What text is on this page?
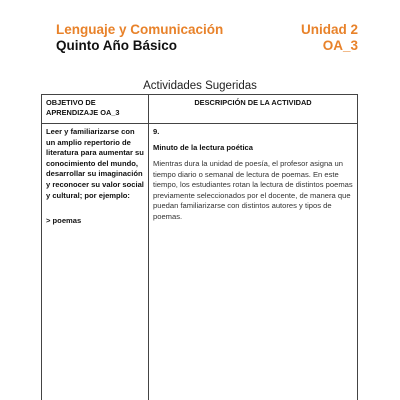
Lenguaje y Comunicación
Quinto Año Básico
Unidad 2
OA_3
Actividades Sugeridas
OBJETIVO DE APRENDIZAJE OA_3
DESCRIPCIÓN DE LA ACTIVIDAD
Leer y familiarizarse con un amplio repertorio de literatura para aumentar su conocimiento del mundo, desarrollar su imaginación y reconocer su valor social y cultural; por ejemplo:
> poemas
9.
Minuto de la lectura poética
Mientras dura la unidad de poesía, el profesor asigna un tiempo diario o semanal de lectura de poemas. En este tiempo, los estudiantes rotan la lectura de distintos poemas previamente seleccionados por el docente, de manera que puedan familiarizarse con distintos autores y tipos de poemas.
